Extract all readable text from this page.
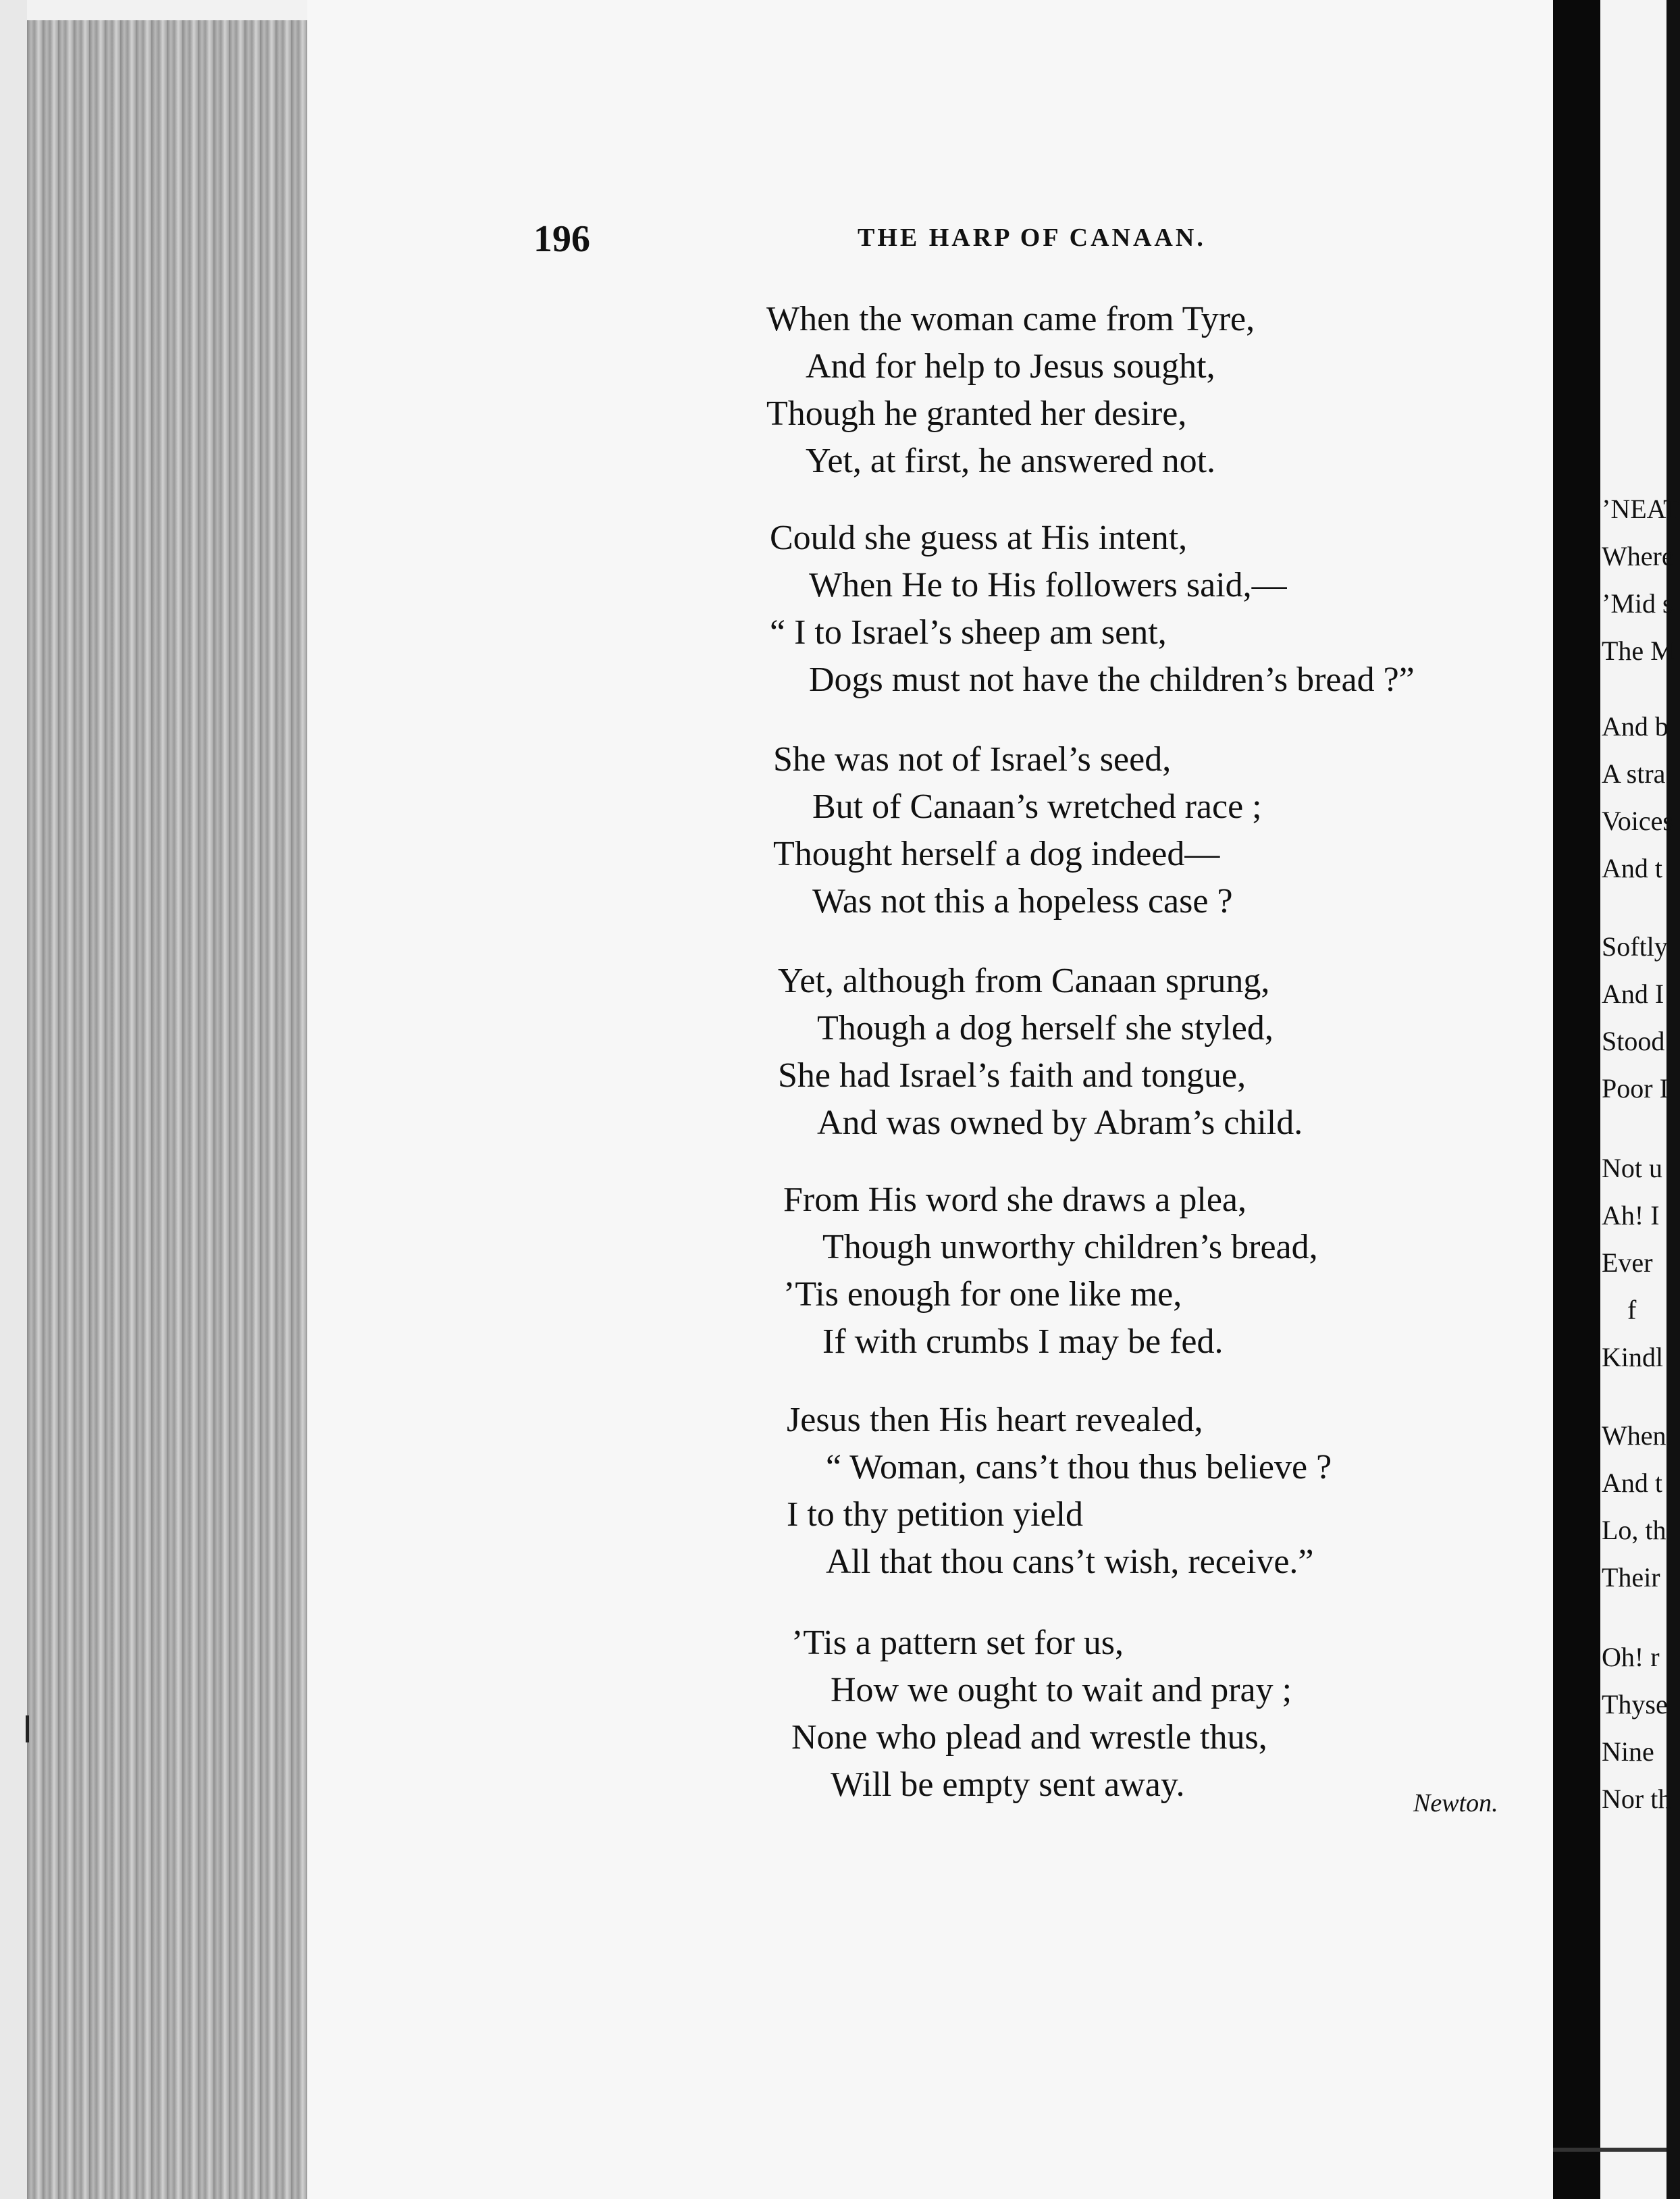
196	THE HARP OF CANAAN.
When the woman came from Tyre,
And for help to Jesus sought,
Though he granted her desire,
Yet, at first, he answered not.
Could she guess at His intent,
When He to His followers said,—
“ I to Israel’s sheep am sent,
Dogs must not have the children’s bread ?”
She was not of Israel’s seed,
But of Canaan’s wretched race ;
Thought herself a dog indeed—
Was not this a hopeless case ?
Yet, although from Canaan sprung,
Though a dog herself she styled,
She had Israel’s faith and tongue,
And was owned by Abram’s child.
From His word she draws a plea,
Though unworthy children’s bread,
’Tis enough for one like me,
If with crumbs I may be fed.
Jesus then His heart revealed,
“ Woman, cans’t thou thus believe ?
I to thy petition yield
All that thou cans’t wish, receive.”
’Tis a pattern set for us,
How we ought to wait and pray ;
None who plead and wrestle thus,
Will be empty sent away.	Newton.
’NEAT
Where
’Mid s
The M
And b
A stra
Voices
And t
Softly
And I
Stood
Poor I
Not u
Ah! I
Ever
f
Kindl
When
And t
Lo, th
Their
Oh! r
Thyse
Nine
Nor th
